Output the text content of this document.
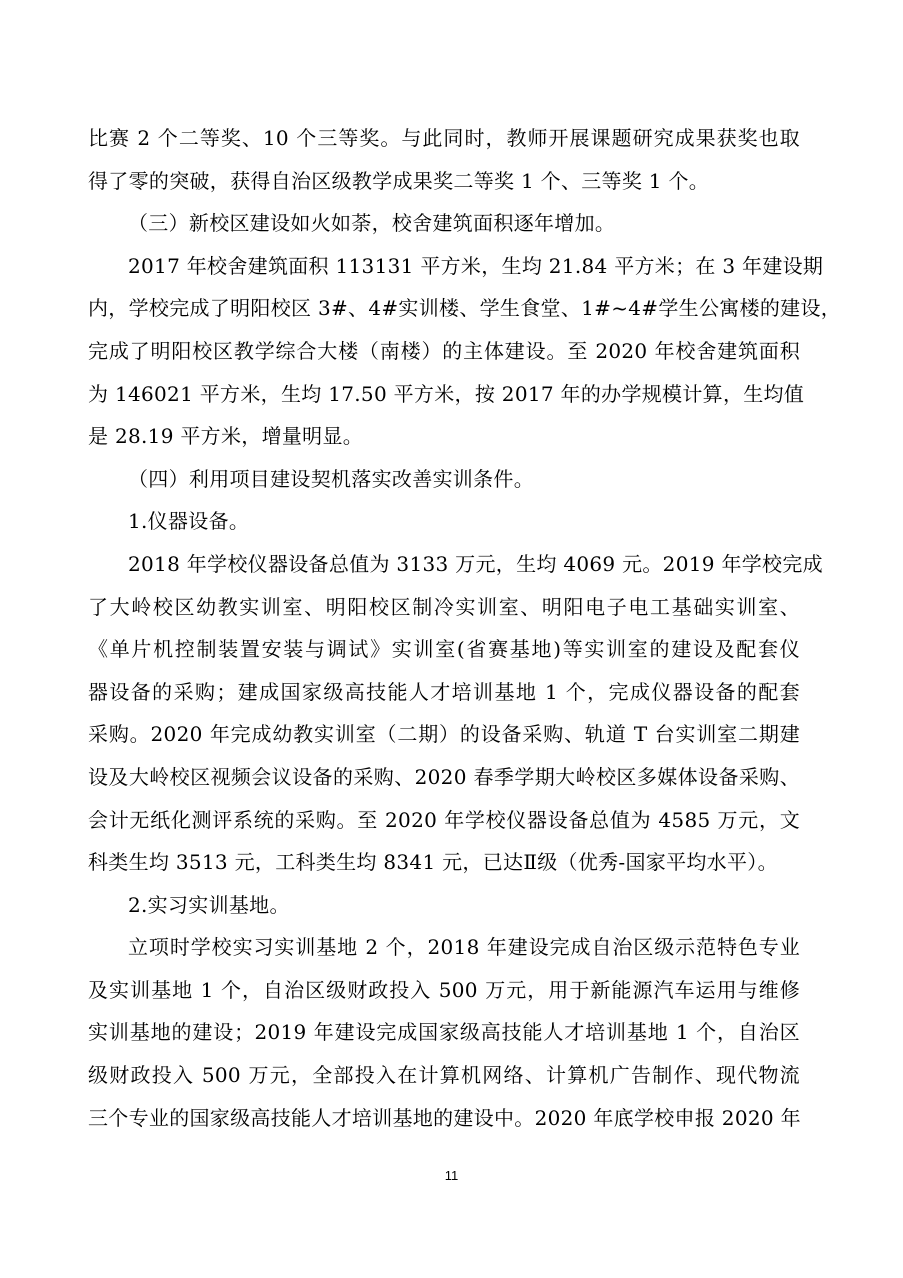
比赛 2 个二等奖、10 个三等奖。与此同时，教师开展课题研究成果获奖也取
得了零的突破，获得自治区级教学成果奖二等奖 1 个、三等奖 1 个。
（三）新校区建设如火如荼，校舍建筑面积逐年增加。
2017 年校舍建筑面积 113131 平方米，生均 21.84 平方米；在 3 年建设期
内，学校完成了明阳校区 3#、4#实训楼、学生食堂、1#~4#学生公寓楼的建设，
完成了明阳校区教学综合大楼（南楼）的主体建设。至 2020 年校舍建筑面积
为 146021 平方米，生均 17.50 平方米，按 2017 年的办学规模计算，生均值
是 28.19 平方米，增量明显。
（四）利用项目建设契机落实改善实训条件。
1.仪器设备。
2018 年学校仪器设备总值为 3133 万元，生均 4069 元。2019 年学校完成
了大岭校区幼教实训室、明阳校区制冷实训室、明阳电子电工基础实训室、
《单片机控制装置安装与调试》实训室(省赛基地)等实训室的建设及配套仪
器设备的采购；建成国家级高技能人才培训基地 1 个，完成仪器设备的配套
采购。2020 年完成幼教实训室（二期）的设备采购、轨道 T 台实训室二期建
设及大岭校区视频会议设备的采购、2020 春季学期大岭校区多媒体设备采购、
会计无纸化测评系统的采购。至 2020 年学校仪器设备总值为 4585 万元，文
科类生均 3513 元，工科类生均 8341 元，已达Ⅱ级（优秀-国家平均水平）。
2.实习实训基地。
立项时学校实习实训基地 2 个，2018 年建设完成自治区级示范特色专业
及实训基地 1 个，自治区级财政投入 500 万元，用于新能源汽车运用与维修
实训基地的建设；2019 年建设完成国家级高技能人才培训基地 1 个，自治区
级财政投入 500 万元，全部投入在计算机网络、计算机广告制作、现代物流
三个专业的国家级高技能人才培训基地的建设中。2020 年底学校申报 2020 年
11
